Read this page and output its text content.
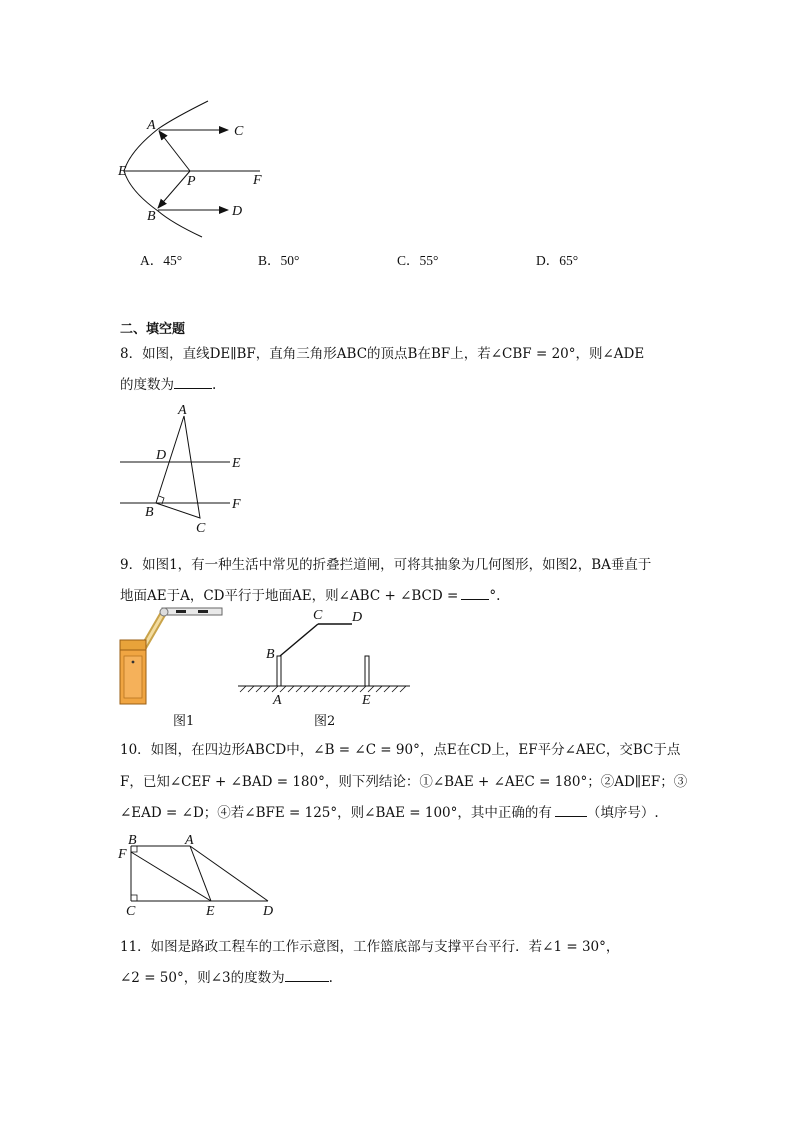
A	C
E
P	F
B	D
A．45°	B．50°	C．55°	D．65°
二、填空题
8．如图，直线DE∥BF，直角三角形ABC的顶点B在BF上，若∠CBF = 20°，则∠ADE
的度数为	.
A
D
E
B
F
C
9．如图1，有一种生活中常见的折叠拦道闸，可将其抽象为几何图形，如图2，BA垂直于
地面AE于A，CD平行于地面AE，则∠ABC + ∠BCD = °.
图1
B
C D
A	E
图2
10．如图，在四边形ABCD中，∠B = ∠C = 90°，点E在CD上，EF平分∠AEC，交BC于点
F，已知∠CEF + ∠BAD = 180°，则下列结论：①∠BAE + ∠AEC = 180°；②AD∥EF；③
∠EAD = ∠D；④若∠BFE = 125°，则∠BAE = 100°，其中正确的有	（填序号）.
B	A
F
C	E	D
11．如图是路政工程车的工作示意图，工作篮底部与支撑平台平行．若∠1 = 30°，
∠2 = 50°，则∠3的度数为	.
